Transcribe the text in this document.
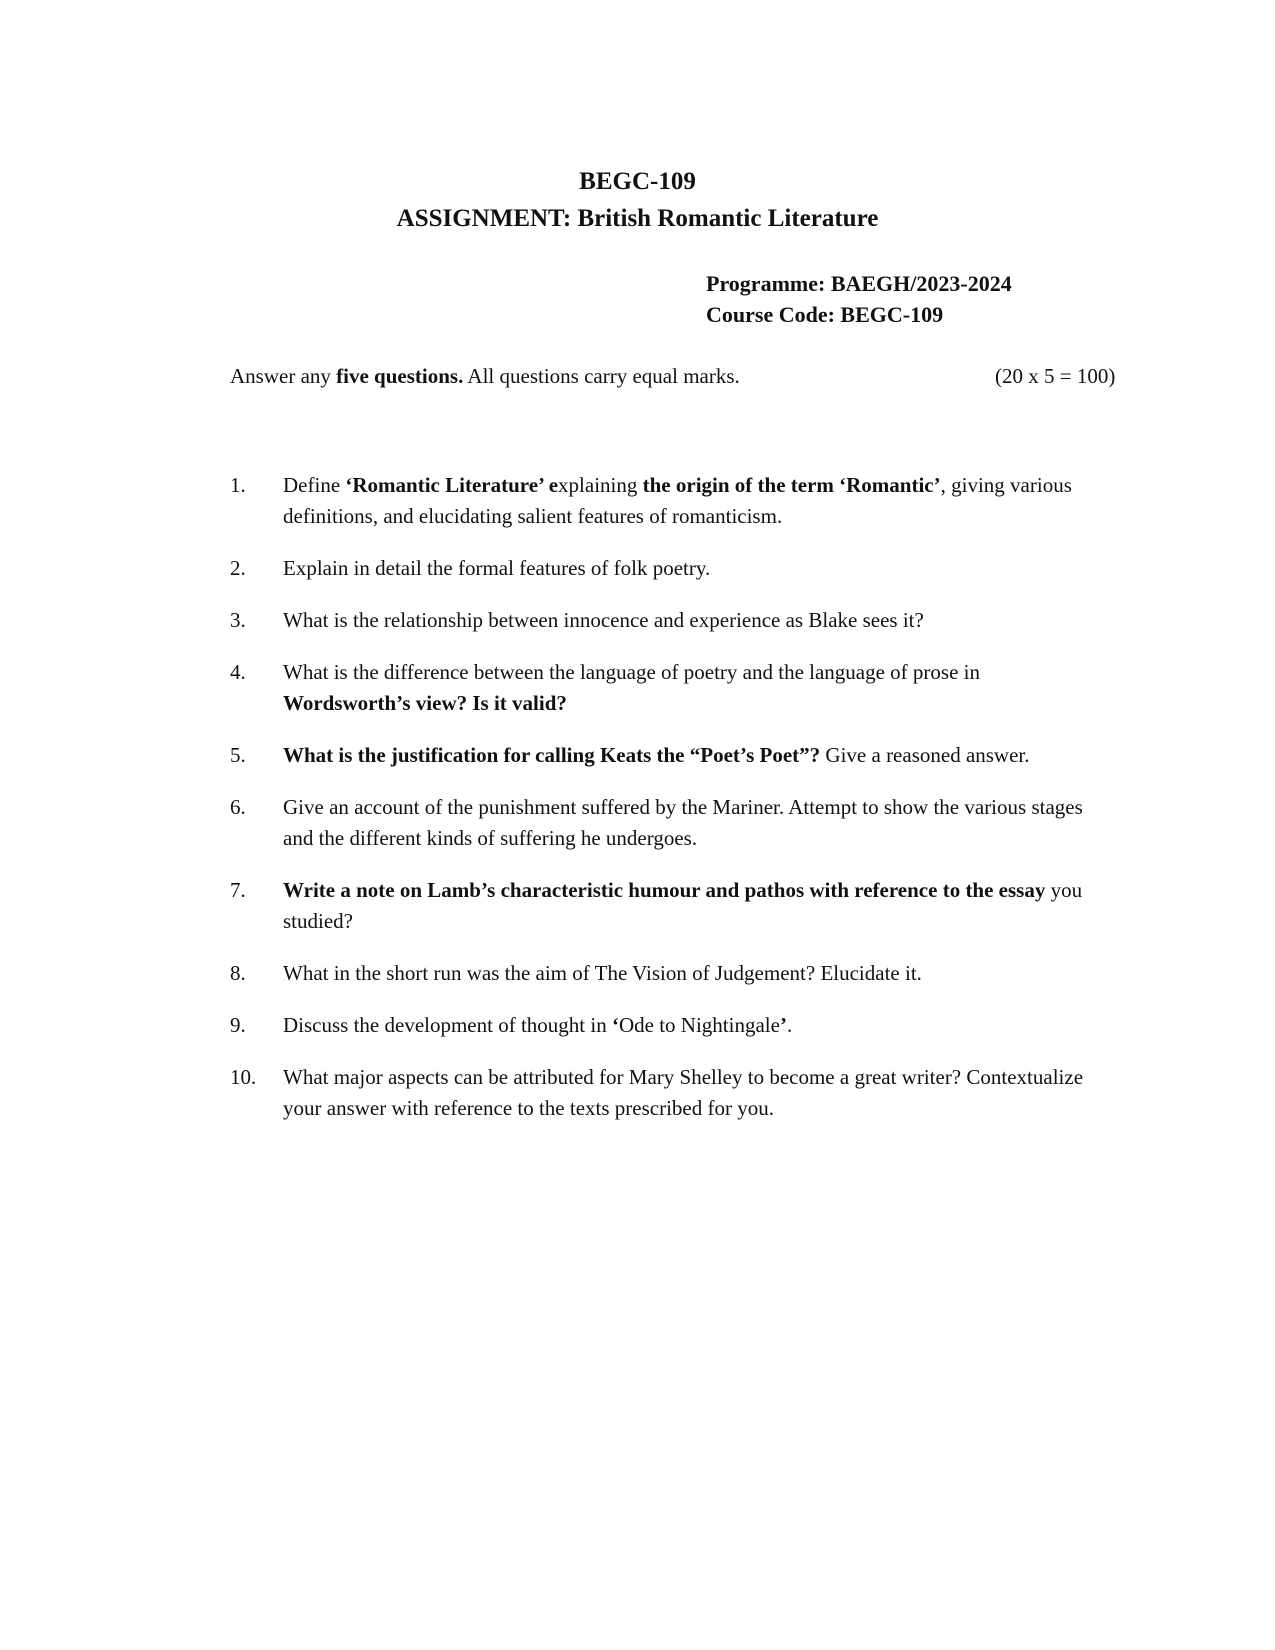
BEGC-109
ASSIGNMENT: British Romantic Literature
Programme: BAEGH/2023-2024
Course Code: BEGC-109
Answer any five questions. All questions carry equal marks.	(20 x 5 = 100)
1.	Define ‘Romantic Literature’ explaining the origin of the term ‘Romantic’, giving various definitions, and elucidating salient features of romanticism.
2.	Explain in detail the formal features of folk poetry.
3.	What is the relationship between innocence and experience as Blake sees it?
4.	What is the difference between the language of poetry and the language of prose in Wordsworth’s view? Is it valid?
5.	What is the justification for calling Keats the “Poet’s Poet”? Give a reasoned answer.
6.	Give an account of the punishment suffered by the Mariner. Attempt to show the various stages and the different kinds of suffering he undergoes.
7.	Write a note on Lamb’s characteristic humour and pathos with reference to the essay you studied?
8.	What in the short run was the aim of The Vision of Judgement? Elucidate it.
9.	Discuss the development of thought in ‘Ode to Nightingale’.
10.	What major aspects can be attributed for Mary Shelley to become a great writer? Contextualize your answer with reference to the texts prescribed for you.
